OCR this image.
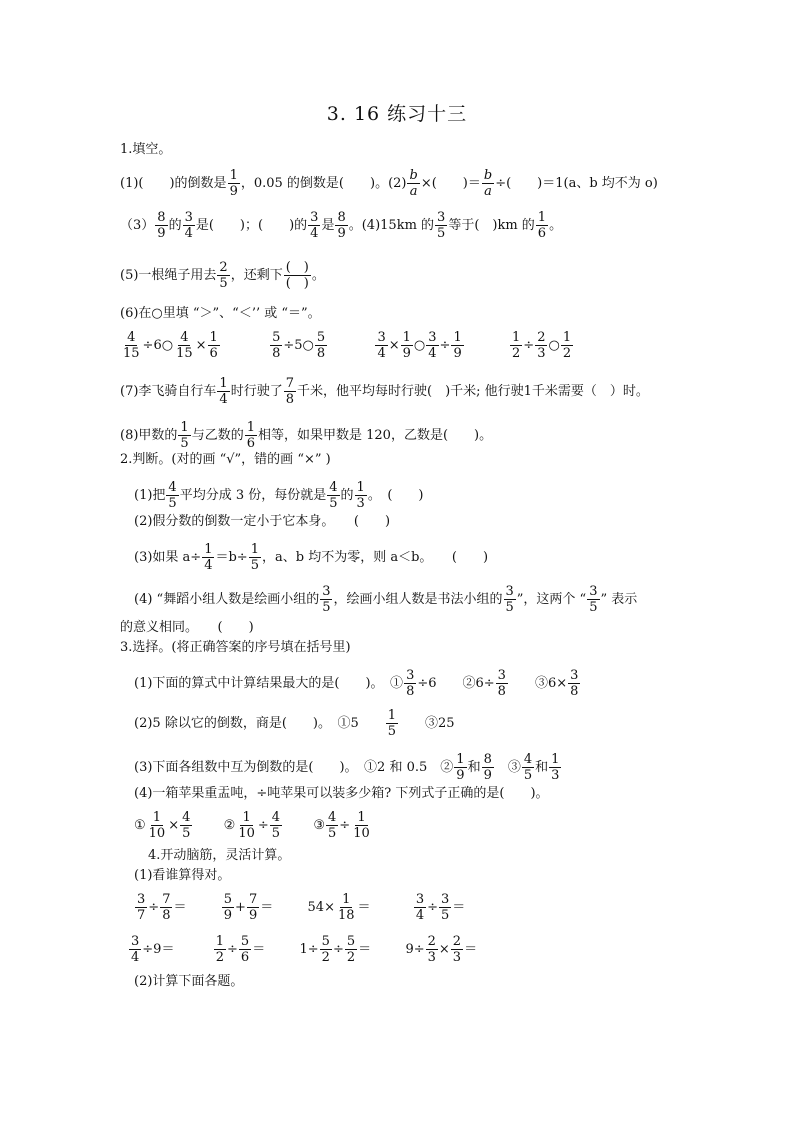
3. 16 练习十三
1.填空。
(1)(　　)的倒数是 $\frac{1}{9}$ ，0.05 的倒数是(　　)。$(2) \frac{b}{a}$ ×(　　)＝ $\frac{b}{a}$ ÷(　　)＝1(a、b 均不为 o)
$(3) \frac{8}{9}$ 的 $\frac{3}{4}$ 是(　　)；(　　)的 $\frac{3}{4}$ 是 $\frac{8}{9}$ 。(4)15km 的 $\frac{3}{5}$ 等于(　)km 的 $\frac{1}{6}$ 。
(5)一根绳子用去 $\frac{2}{5}$ ，还剩下
(　)
(　)
。
(6)在○里填 “＞”、“＜’’ 或 “＝”。
$\frac{4}{15}$ ÷6○ $\frac{4}{15} \times \frac{1}{6}$
	$\frac{5}{8}$ ÷5○ $\frac{5}{8}$
	$\frac{3}{4} \times \frac{1}{9}$ ○ $\frac{3}{4} \div \frac{1}{9}$
	$\frac{1}{2} \div \frac{2}{3}$ ○ $\frac{1}{2}$
(7)李飞骑自行车 $\frac{1}{4}$ 时行驶了 $\frac{7}{8}$ 千米，他平均每时行驶(　)千米; 他行驶1千米需要（　）时。
(8)甲数的 $\frac{1}{5}$ 与乙数的 $\frac{1}{6}$ 相等，如果甲数是 120，乙数是(　　)。
2.判断。(对的画 “√”，错的画 “×” )
(1)把 $\frac{4}{5}$ 平均分成 3 份，每份就是 $\frac{4}{5}$ 的 $\frac{1}{3}$ 。　(　　)
(2)假分数的倒数一定小于它本身。　　(　　)
(3)如果 $a\div \frac{1}{4} =b\div \frac{1}{5}$ ，a、b 均不为零，则 a＜b。　　(　　)
(4) “舞蹈小组人数是绘画小组的 $\frac{3}{5}$ ，绘画小组人数是书法小组的 $\frac{3}{5}$ ”，这两个 “ $\frac{3}{5}$ ” 表示
的意义相同。　　(　　)
3.选择。(将正确答案的序号填在括号里)
(1)下面的算式中计算结果最大的是(　　)。　① $\frac{3}{8} \div 6$　　②6÷ $\frac{3}{8}$ 　　③6× $\frac{3}{8}$
(2)5 除以它的倒数，商是(　　)。　①5　　 $\frac{1}{5}$ 　　③25
(3)下面各组数中互为倒数的是(　　)。　①2 和 0.5　② $\frac{1}{9}$ 和 $\frac{8}{9}$ 　③ $\frac{4}{5}$ 和 $\frac{1}{3}$
(4)一箱苹果重盂吨，÷吨苹果可以装多少箱? 下列式子正确的是(　　)。
① $\frac{1}{10} \times \frac{4}{5}$ ② $\frac{1}{10} \div \frac{4}{5}$ ③ $\frac{4}{5} \div \frac{1}{10}$
4.开动脑筋，灵活计算。
(1)看谁算得对。
$\frac{3}{7} \div \frac{7}{8}$ ＝	$\frac{5}{9} + \frac{7}{9}$ ＝	$54\times \frac{1}{18}$ ＝	$\frac{3}{4} \div \frac{3}{5}$ ＝
$\frac{3}{4} \div 9=$	$\frac{1}{2} \div \frac{5}{6}$ ＝	$1\div \frac{5}{2} \div \frac{5}{2}$ ＝	$9\div \frac{2}{3} \times \frac{2}{3}$ ＝
(2)计算下面各题。
